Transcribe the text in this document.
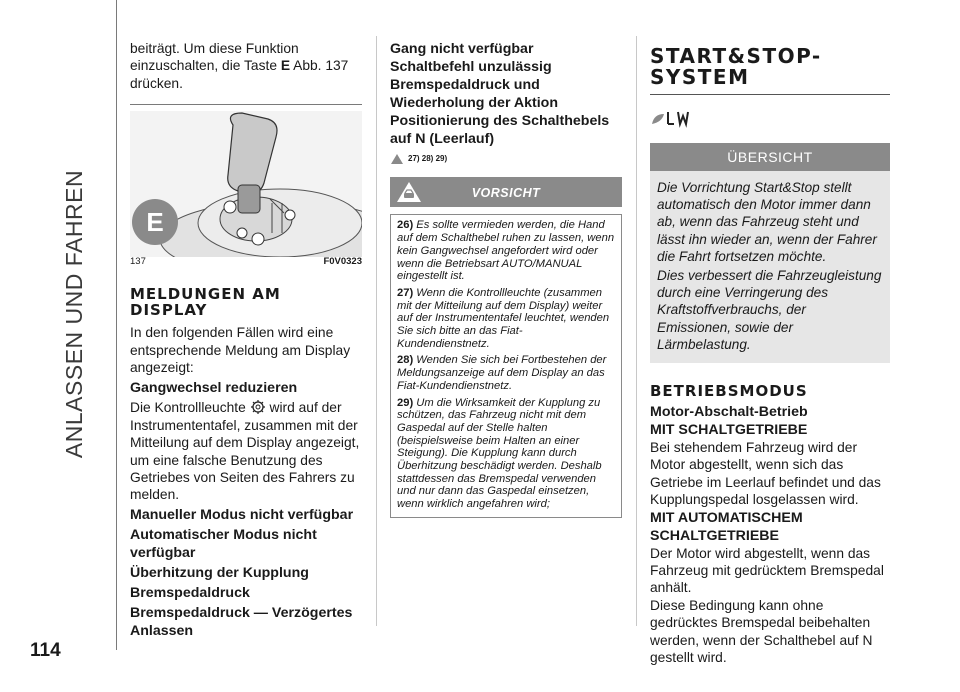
ANLASSEN UND FAHREN
114

beiträgt. Um diese Funktion einzuschalten, die Taste E Abb. 137 drücken.

E
137	F0V0323
MELDUNGEN AM DISPLAY

In den folgenden Fällen wird eine entsprechende Meldung am Display angezeigt:

Gangwechsel reduzieren

Die Kontrollleuchte  wird auf der Instrumententafel, zusammen mit der Mitteilung auf dem Display angezeigt, um eine falsche Benutzung des Getriebes von Seiten des Fahrers zu melden.

Manueller Modus nicht verfügbar
Automatischer Modus nicht verfügbar
Überhitzung der Kupplung
Bremspedaldruck
Bremspedaldruck — Verzögertes Anlassen
Gang nicht verfügbar
Schaltbefehl unzulässig
Bremspedaldruck und Wiederholung der Aktion
Positionierung des Schalthebels auf N (Leerlauf)
27) 28) 29)
VORSICHT

26) Es sollte vermieden werden, die Hand auf dem Schalthebel ruhen zu lassen, wenn kein Gangwechsel angefordert wird oder wenn die Betriebsart AUTO/MANUAL eingestellt ist.

27) Wenn die Kontrollleuchte (zusammen mit der Mitteilung auf dem Display) weiter auf der Instrumententafel leuchtet, wenden Sie sich bitte an das Fiat-Kundendienstnetz.

28) Wenden Sie sich bei Fortbestehen der Meldungsanzeige auf dem Display an das Fiat-Kundendienstnetz.

29) Um die Wirksamkeit der Kupplung zu schützen, das Fahrzeug nicht mit dem Gaspedal auf der Stelle halten (beispielsweise beim Halten an einer Steigung). Die Kupplung kann durch Überhitzung beschädigt werden. Deshalb stattdessen das Bremspedal verwenden und nur dann das Gaspedal einsetzen, wenn wirklich angefahren wird;

START&STOP-SYSTEM
ÜBERSICHT

Die Vorrichtung Start&Stop stellt automatisch den Motor immer dann ab, wenn das Fahrzeug steht und lässt ihn wieder an, wenn der Fahrer die Fahrt fortsetzen möchte.

Dies verbessert die Fahrzeugleistung durch eine Verringerung des Kraftstoffverbrauchs, der Emissionen, sowie der Lärmbelastung.

BETRIEBSMODUS
Motor-Abschalt-Betrieb
MIT SCHALTGETRIEBE

Bei stehendem Fahrzeug wird der Motor abgestellt, wenn sich das Getriebe im Leerlauf befindet und das Kupplungspedal losgelassen wird.

MIT AUTOMATISCHEM SCHALTGETRIEBE

Der Motor wird abgestellt, wenn das Fahrzeug mit gedrücktem Bremspedal anhält.

Diese Bedingung kann ohne gedrücktes Bremspedal beibehalten werden, wenn der Schalthebel auf N gestellt wird.
